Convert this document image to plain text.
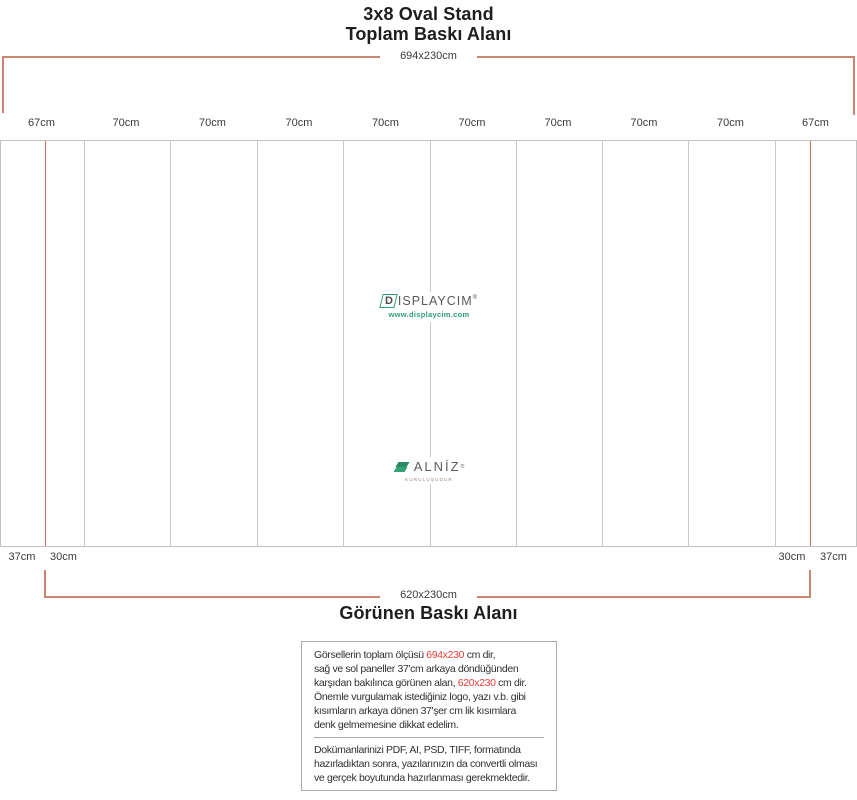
3x8 Oval Stand
Toplam Baskı Alanı
694x230cm
67cm	70cm	70cm	70cm	70cm	70cm	70cm	70cm	70cm	67cm
D ISPLAYCIM ®
www.displaycim.com
ALNİZ ®
KURULUŞUDUR
37cm	30cm	30cm	37cm
620x230cm
Görünen Baskı Alanı
Görsellerin toplam ölçüsü 694x230 cm dir,
sağ ve sol paneller 37'cm arkaya döndüğünden
karşıdan bakılınca görünen alan, 620x230 cm dir.
Önemle vurgulamak istediğiniz logo, yazı v.b. gibi
kısımların arkaya dönen 37'şer cm lik kısımlara
denk gelmemesine dikkat edelim.
Dokümanlarinizi PDF, AI, PSD, TIFF, formatında
hazırladıktan sonra, yazılarınızın da convertli olması
ve gerçek boyutunda hazırlanması gerekmektedir.
